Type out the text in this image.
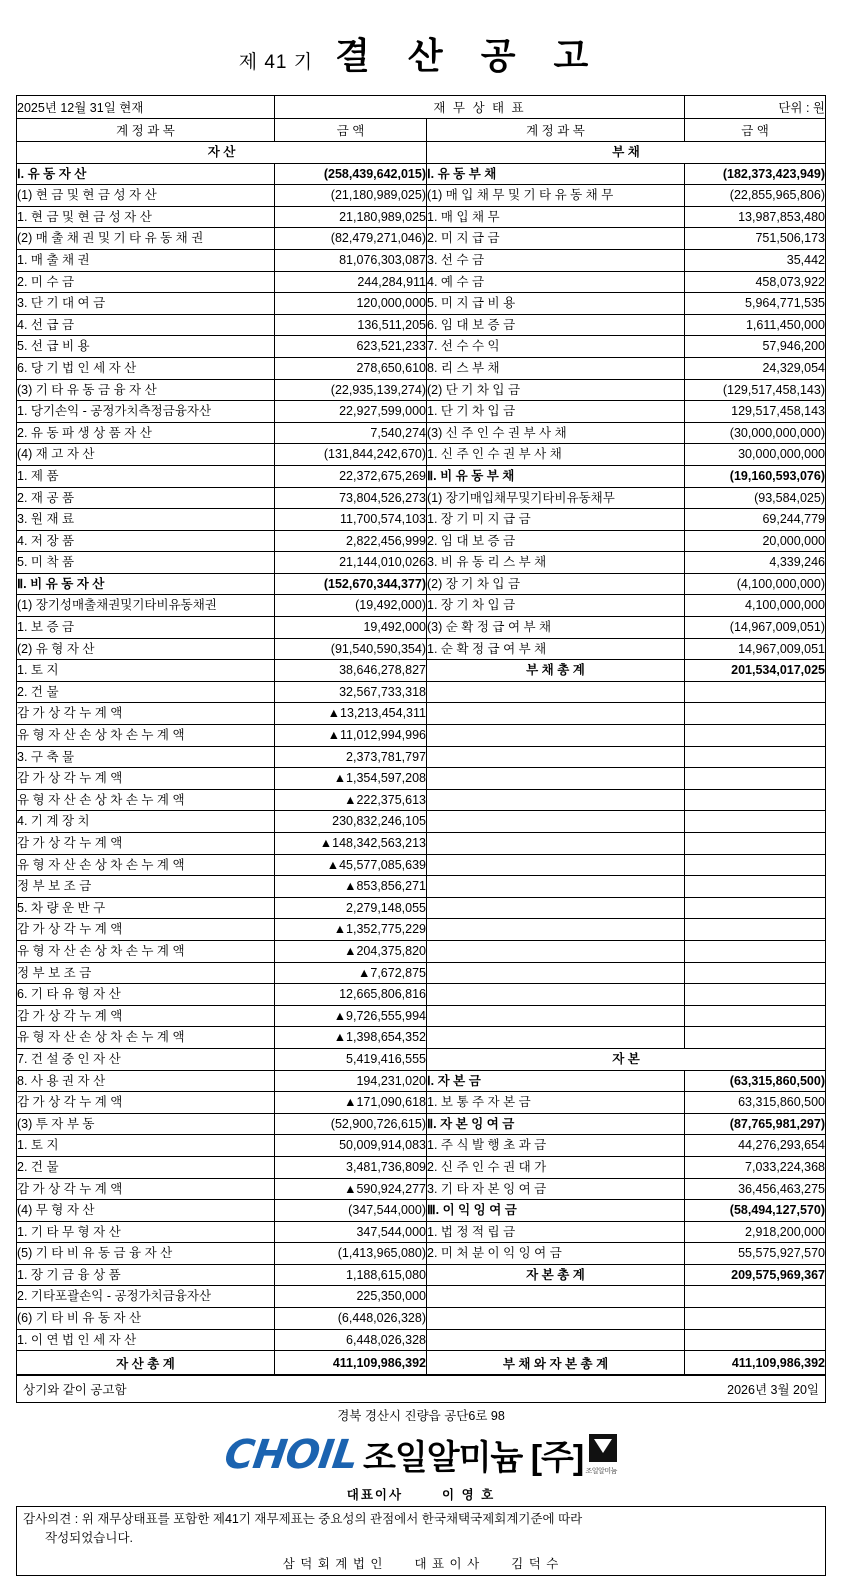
제 41 기 결 산 공 고
2025년 12월 31일 현재	재 무 상 태 표		단위 : 원
계 정 과 목	금 액	계 정 과 목	금 액
자 산		부 채	
Ⅰ. 유 동 자 산	(258,439,642,015)	Ⅰ. 유 동 부 채	(182,373,423,949)
(1) 현 금 및 현 금 성 자 산	(21,180,989,025)	(1) 매 입 채 무 및 기 타 유 동 채 무	(22,855,965,806)
1. 현 금 및 현 금 성 자 산	21,180,989,025	1. 매 입 채 무	13,987,853,480
(2) 매 출 채 권 및 기 타 유 동 채 권	(82,479,271,046)	2. 미 지 급 금	751,506,173
1. 매 출 채 권	81,076,303,087	3. 선 수 금	35,442
2. 미 수 금	244,284,911	4. 예 수 금	458,073,922
3. 단 기 대 여 금	120,000,000	5. 미 지 급 비 용	5,964,771,535
4. 선 급 금	136,511,205	6. 임 대 보 증 금	1,611,450,000
5. 선 급 비 용	623,521,233	7. 선 수 수 익	57,946,200
6. 당 기 법 인 세 자 산	278,650,610	8. 리 스 부 채	24,329,054
(3) 기 타 유 동 금 융 자 산	(22,935,139,274)	(2) 단 기 차 입 금	(129,517,458,143)
1. 당기손익 - 공정가치측정금융자산	22,927,599,000	1. 단 기 차 입 금	129,517,458,143
2. 유 동 파 생 상 품 자 산	7,540,274	(3) 신 주 인 수 권 부 사 채	(30,000,000,000)
(4) 재 고 자 산	(131,844,242,670)	1. 신 주 인 수 권 부 사 채	30,000,000,000
1. 제 품	22,372,675,269	Ⅱ. 비 유 동 부 채	(19,160,593,076)
2. 재 공 품	73,804,526,273	(1) 장기매입채무및기타비유동채무	(93,584,025)
3. 원 재 료	11,700,574,103	1. 장 기 미 지 급 금	69,244,779
4. 저 장 품	2,822,456,999	2. 임 대 보 증 금	20,000,000
5. 미 착 품	21,144,010,026	3. 비 유 동 리 스 부 채	4,339,246
Ⅱ. 비 유 동 자 산	(152,670,344,377)	(2) 장 기 차 입 금	(4,100,000,000)
(1) 장기성매출채권및기타비유동채권	(19,492,000)	1. 장 기 차 입 금	4,100,000,000
1. 보 증 금	19,492,000	(3) 순 확 정 급 여 부 채	(14,967,009,051)
(2) 유 형 자 산	(91,540,590,354)	1. 순 확 정 급 여 부 채	14,967,009,051
1. 토 지	38,646,278,827	부 채 총 계	201,534,017,025
2. 건 물	32,567,733,318		
감 가 상 각 누 계 액	▲13,213,454,311		
유 형 자 산 손 상 차 손 누 계 액	▲11,012,994,996		
3. 구 축 물	2,373,781,797		
감 가 상 각 누 계 액	▲1,354,597,208		
유 형 자 산 손 상 차 손 누 계 액	▲222,375,613		
4. 기 계 장 치	230,832,246,105		
감 가 상 각 누 계 액	▲148,342,563,213		
유 형 자 산 손 상 차 손 누 계 액	▲45,577,085,639		
정 부 보 조 금	▲853,856,271		
5. 차 량 운 반 구	2,279,148,055		
감 가 상 각 누 계 액	▲1,352,775,229		
유 형 자 산 손 상 차 손 누 계 액	▲204,375,820		
정 부 보 조 금	▲7,672,875		
6. 기 타 유 형 자 산	12,665,806,816		
감 가 상 각 누 계 액	▲9,726,555,994		
유 형 자 산 손 상 차 손 누 계 액	▲1,398,654,352		
7. 건 설 중 인 자 산	5,419,416,555	자 본	
8. 사 용 권 자 산	194,231,020	Ⅰ. 자 본 금	(63,315,860,500)
감 가 상 각 누 계 액	▲171,090,618	1. 보 통 주 자 본 금	63,315,860,500
(3) 투 자 부 동	(52,900,726,615)	Ⅱ. 자 본 잉 여 금	(87,765,981,297)
1. 토 지	50,009,914,083	1. 주 식 발 행 초 과 금	44,276,293,654
2. 건 물	3,481,736,809	2. 신 주 인 수 권 대 가	7,033,224,368
감 가 상 각 누 계 액	▲590,924,277	3. 기 타 자 본 잉 여 금	36,456,463,275
(4) 무 형 자 산	(347,544,000)	Ⅲ. 이 익 잉 여 금	(58,494,127,570)
1. 기 타 무 형 자 산	347,544,000	1. 법 정 적 립 금	2,918,200,000
(5) 기 타 비 유 동 금 융 자 산	(1,413,965,080)	2. 미 처 분 이 익 잉 여 금	55,575,927,570
1. 장 기 금 융 상 품	1,188,615,080	자 본 총 계	209,575,969,367
2. 기타포괄손익 - 공정가치금융자산	225,350,000		
(6) 기 타 비 유 동 자 산	(6,448,026,328)		
1. 이 연 법 인 세 자 산	6,448,026,328		
자 산 총 계	411,109,986,392	부 채 와 자 본 총 계	411,109,986,392
상기와 같이 공고함	2026년 3월 20일
경북 경산시 진량읍 공단6로 98

CHOIL 조일알미늄 [주] 조일알미늄

대표이사	이 영 호
감사의견 : 위 재무상태표를 포함한 제41기 재무제표는 중요성의 관점에서 한국채택국제회계기준에 따라
작성되었습니다.

삼 덕 회 계 법 인 대 표 이 사 김 덕 수
